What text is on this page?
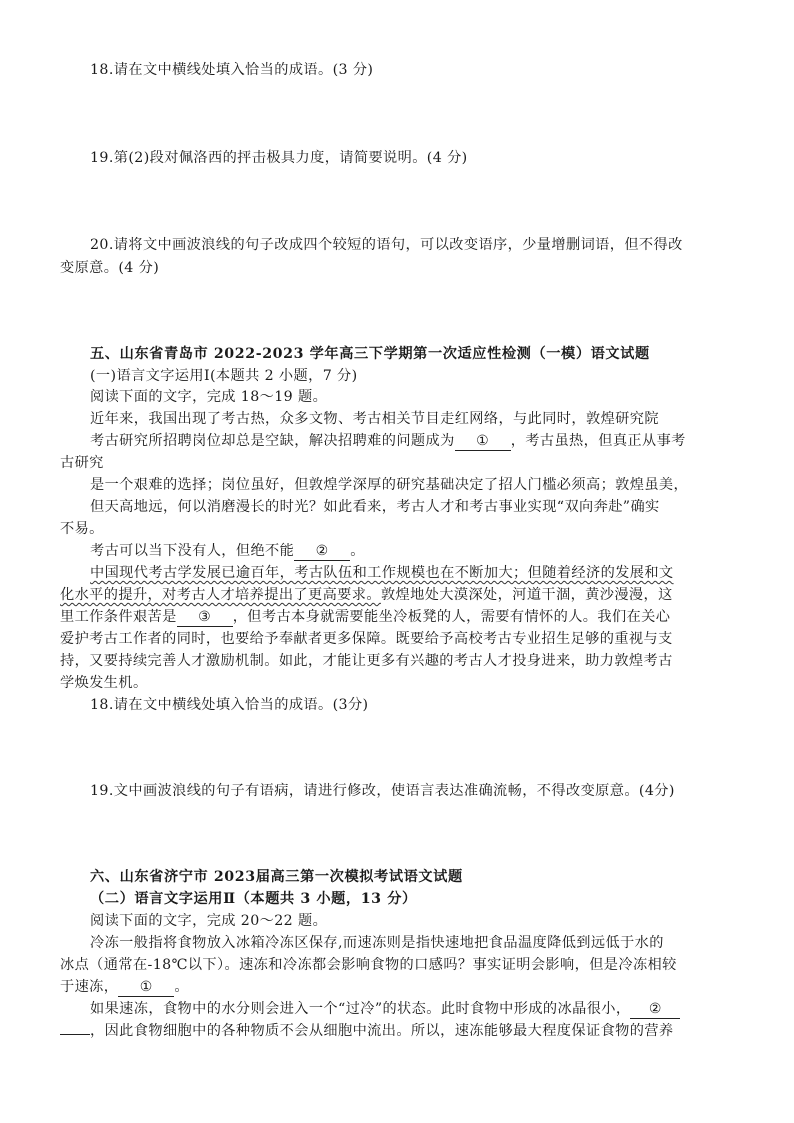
18.请在文中横线处填入恰当的成语。(3 分)
19.第(2)段对佩洛西的抨击极具力度，请简要说明。(4 分)
20.请将文中画波浪线的句子改成四个较短的语句，可以改变语序，少量增删词语，但不得改
变原意。(4 分)
五、山东省青岛市 2022-2023 学年高三下学期第一次适应性检测（一模）语文试题
(一)语言文字运用Ⅰ(本题共 2 小题，7 分)
阅读下面的文字，完成 18～19 题。
近年来，我国出现了考古热，众多文物、考古相关节目走红网络，与此同时，敦煌研究院
考古研究所招聘岗位却总是空缺，解决招聘难的问题成为 ① ，考古虽热，但真正从事考
古研究
是一个艰难的选择；岗位虽好，但敦煌学深厚的研究基础决定了招人门槛必须高；敦煌虽美，
但天高地远，何以消磨漫长的时光？如此看来，考古人才和考古事业实现“双向奔赴”确实
不易。
考古可以当下没有人，但绝不能 ② 。
中国现代考古学发展已逾百年，考古队伍和工作规模也在不断加大；但随着经济的发展和文
化水平的提升，对考古人才培养提出了更高要求。敦煌地处大漠深处，河道干涸，黄沙漫漫，这
里工作条件艰苦是 ③ ，但考古本身就需要能坐冷板凳的人，需要有情怀的人。我们在关心
爱护考古工作者的同时，也要给予奉献者更多保障。既要给予高校考古专业招生足够的重视与支
持，又要持续完善人才激励机制。如此，才能让更多有兴趣的考古人才投身进来，助力敦煌考古
学焕发生机。
18.请在文中横线处填入恰当的成语。(3分)
19.文中画波浪线的句子有语病，请进行修改，使语言表达准确流畅，不得改变原意。(4分)
六、山东省济宁市 2023届高三第一次模拟考试语文试题
（二）语言文字运用Ⅱ（本题共 3 小题，13 分）
阅读下面的文字，完成 20～22 题。
冷冻一般指将食物放入冰箱冷冻区保存,而速冻则是指快速地把食品温度降低到远低于水的
冰点（通常在-18℃以下）。速冻和冷冻都会影响食物的口感吗？事实证明会影响，但是冷冻相较
于速冻， ① 。
如果速冻，食物中的水分则会进入一个“过冷”的状态。此时食物中形成的冰晶很小， ②
，因此食物细胞中的各种物质不会从细胞中流出。所以，速冻能够最大程度保证食物的营养
